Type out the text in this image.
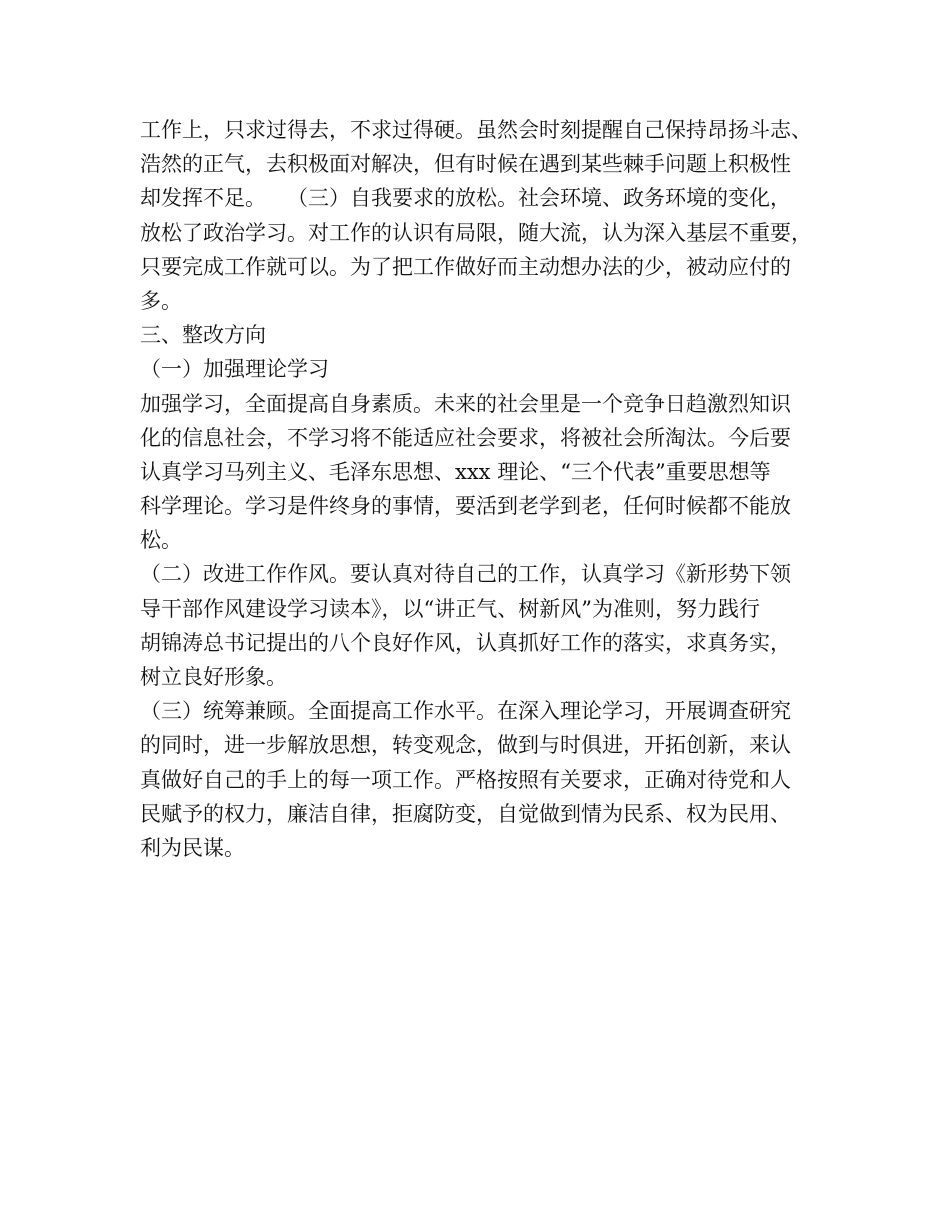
工作上，只求过得去，不求过得硬。虽然会时刻提醒自己保持昂扬斗志、
浩然的正气，去积极面对解决，但有时候在遇到某些棘手问题上积极性
却发挥不足。　　（三）自我要求的放松。社会环境、政务环境的变化，
放松了政治学习。对工作的认识有局限，随大流，认为深入基层不重要，
只要完成工作就可以。为了把工作做好而主动想办法的少，被动应付的
多。
三、整改方向
（一）加强理论学习
加强学习，全面提高自身素质。未来的社会里是一个竞争日趋激烈知识
化的信息社会，不学习将不能适应社会要求，将被社会所淘汰。今后要
认真学习马列主义、毛泽东思想、xxx 理论、“三个代表”重要思想等
科学理论。学习是件终身的事情，要活到老学到老，任何时候都不能放
松。
（二）改进工作作风。要认真对待自己的工作，认真学习《新形势下领
导干部作风建设学习读本》，以“讲正气、树新风”为准则，努力践行
胡锦涛总书记提出的八个良好作风，认真抓好工作的落实，求真务实，
树立良好形象。
（三）统筹兼顾。全面提高工作水平。在深入理论学习，开展调查研究
的同时，进一步解放思想，转变观念，做到与时俱进，开拓创新，来认
真做好自己的手上的每一项工作。严格按照有关要求，正确对待党和人
民赋予的权力，廉洁自律，拒腐防变，自觉做到情为民系、权为民用、
利为民谋。
